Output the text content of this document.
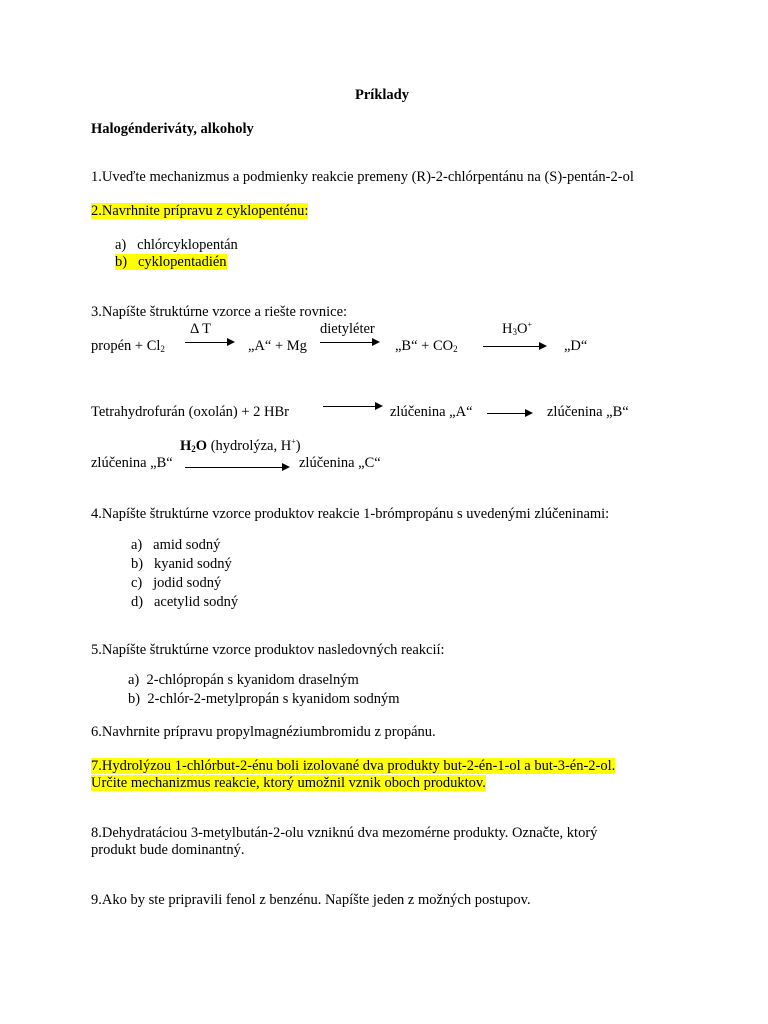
Príklady
Halogénderiváty, alkoholy
1.Uveďte mechanizmus a podmienky reakcie premeny (R)-2-chlórpentánu na (S)-pentán-2-ol
2.Navrhnite prípravu z cyklopenténu:
a) chlórcyklopentán
b) cyklopentadién
3.Napíšte štruktúrne vzorce a riešte rovnice:
Δ T	dietyléter	$H_3O^+$
propén + $Cl_2$	„A“ + Mg	„B“ + $CO_2$	„D“
Tetrahydrofurán (oxolán) + 2 HBr	zlúčenina „A“	zlúčenina „B“
$H_2O$ (hydrolýza, H+)
zlúčenina „B“	zlúčenina „C“
4.Napíšte štruktúrne vzorce produktov reakcie 1-brómpropánu s uvedenými zlúčeninami:
a) amid sodný
b) kyanid sodný
c) jodid sodný
d) acetylid sodný
5.Napíšte štruktúrne vzorce produktov nasledovných reakcií:
a) 2-chlópropán s kyanidom draselným
b) 2-chlór-2-metylpropán s kyanidom sodným
6.Navhrnite prípravu propylmagnéziumbromidu z propánu.
7.Hydrolýzou 1-chlórbut-2-énu boli izolované dva produkty but-2-én-1-ol a but-3-én-2-ol.
Určite mechanizmus reakcie, ktorý umožnil vznik oboch produktov.
8.Dehydratáciou 3-metylbután-2-olu vzniknú dva mezomérne produkty. Označte, ktorý
produkt bude dominantný.
9.Ako by ste pripravili fenol z benzénu. Napíšte jeden z možných postupov.
